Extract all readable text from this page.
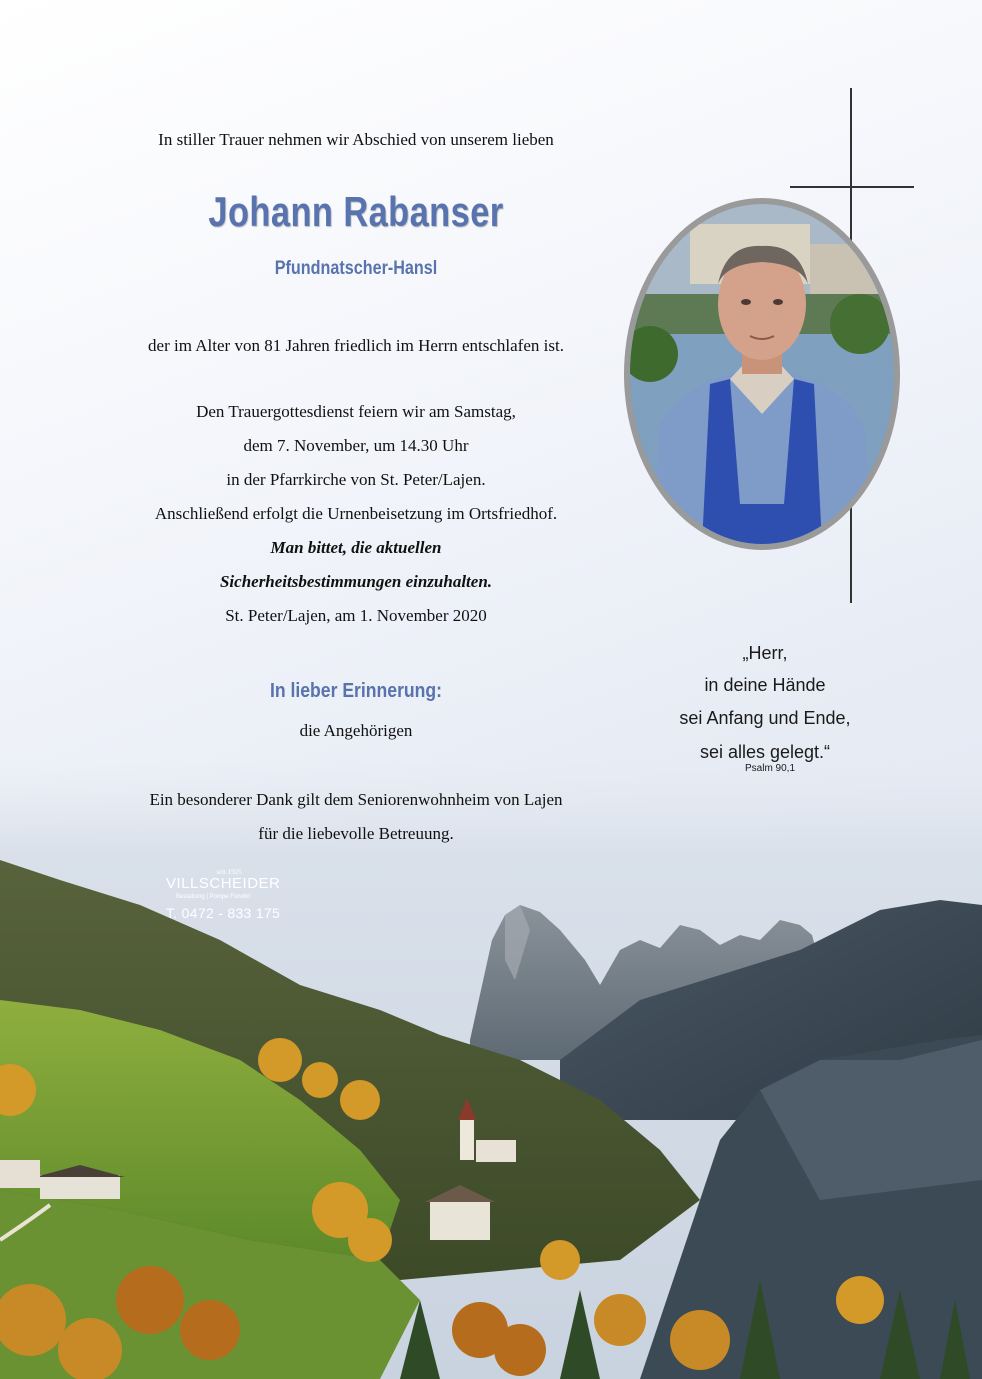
In stiller Trauer nehmen wir Abschied von unserem lieben

Johann Rabanser

Pfundnatscher-Hansl

der im Alter von 81 Jahren friedlich im Herrn entschlafen ist.

Den Trauergottesdienst feiern wir am Samstag,

dem 7. November, um 14.30 Uhr

in der Pfarrkirche von St. Peter/Lajen.

Anschließend erfolgt die Urnenbeisetzung im Ortsfriedhof.

Man bittet, die aktuellen

Sicherheitsbestimmungen einzuhalten.

St. Peter/Lajen, am 1. November 2020

In lieber Erinnerung:

die Angehörigen

Ein besonderer Dank gilt dem Seniorenwohnheim von Lajen

für die liebevolle Betreuung.

„Herr,

in deine Hände

sei Anfang und Ende,

sei alles gelegt.“

Psalm 90,1

seit 1925
VILLSCHEIDER
Bestattung | Pompe Funebri
T. 0472 - 833 175
